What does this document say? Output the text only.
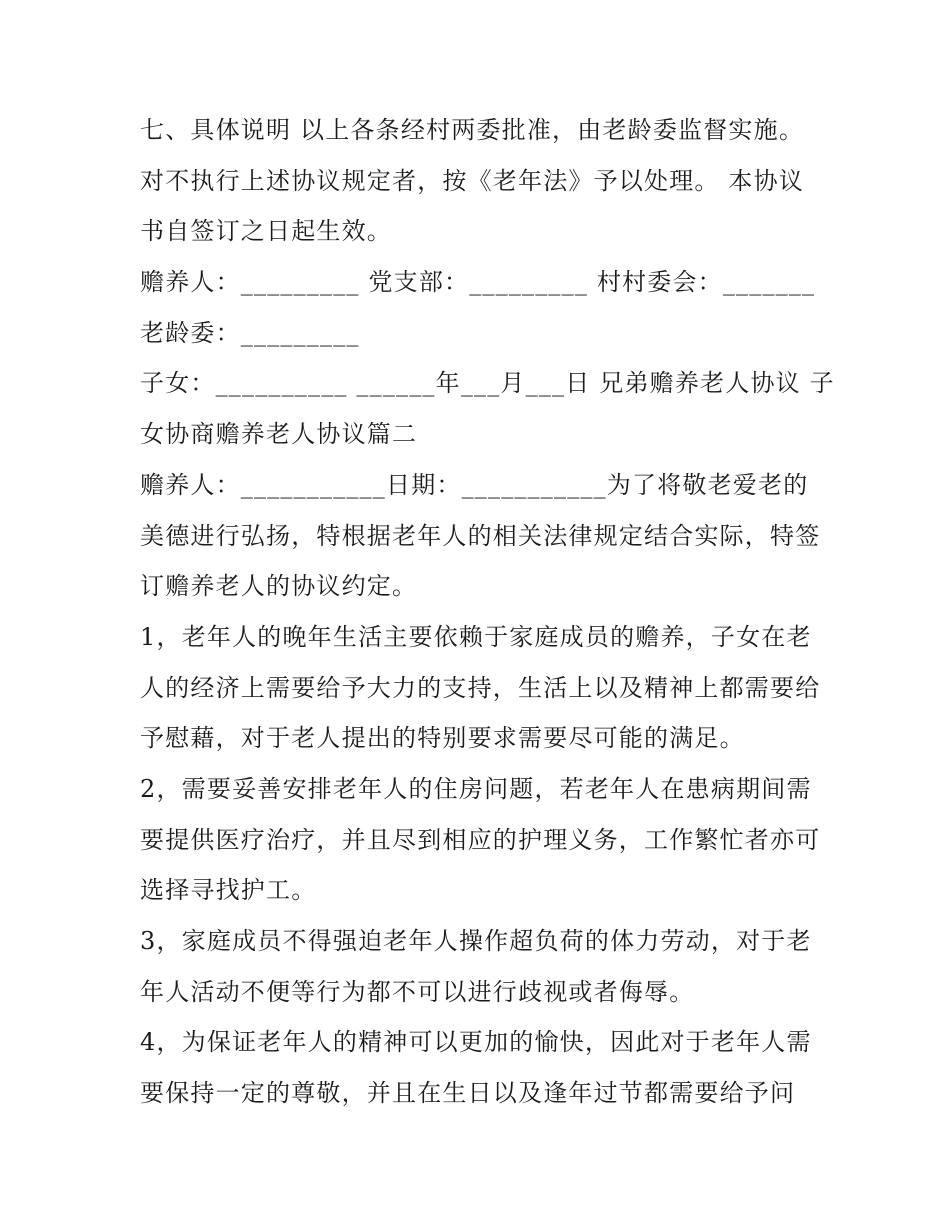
七、具体说明 以上各条经村两委批准，由老龄委监督实施。
对不执行上述协议规定者，按《老年法》予以处理。 本协议
书自签订之日起生效。
赡养人：_________ 党支部：_________ 村村委会：_______
老龄委：_________
子女：__________ ______年___月___日 兄弟赡养老人协议 子
女协商赡养老人协议篇二
赡养人：___________日期：___________为了将敬老爱老的
美德进行弘扬，特根据老年人的相关法律规定结合实际，特签
订赡养老人的协议约定。
1，老年人的晚年生活主要依赖于家庭成员的赡养，子女在老
人的经济上需要给予大力的支持，生活上以及精神上都需要给
予慰藉，对于老人提出的特别要求需要尽可能的满足。
2，需要妥善安排老年人的住房问题，若老年人在患病期间需
要提供医疗治疗，并且尽到相应的护理义务，工作繁忙者亦可
选择寻找护工。
3，家庭成员不得强迫老年人操作超负荷的体力劳动，对于老
年人活动不便等行为都不可以进行歧视或者侮辱。
4，为保证老年人的精神可以更加的愉快，因此对于老年人需
要保持一定的尊敬，并且在生日以及逢年过节都需要给予问
